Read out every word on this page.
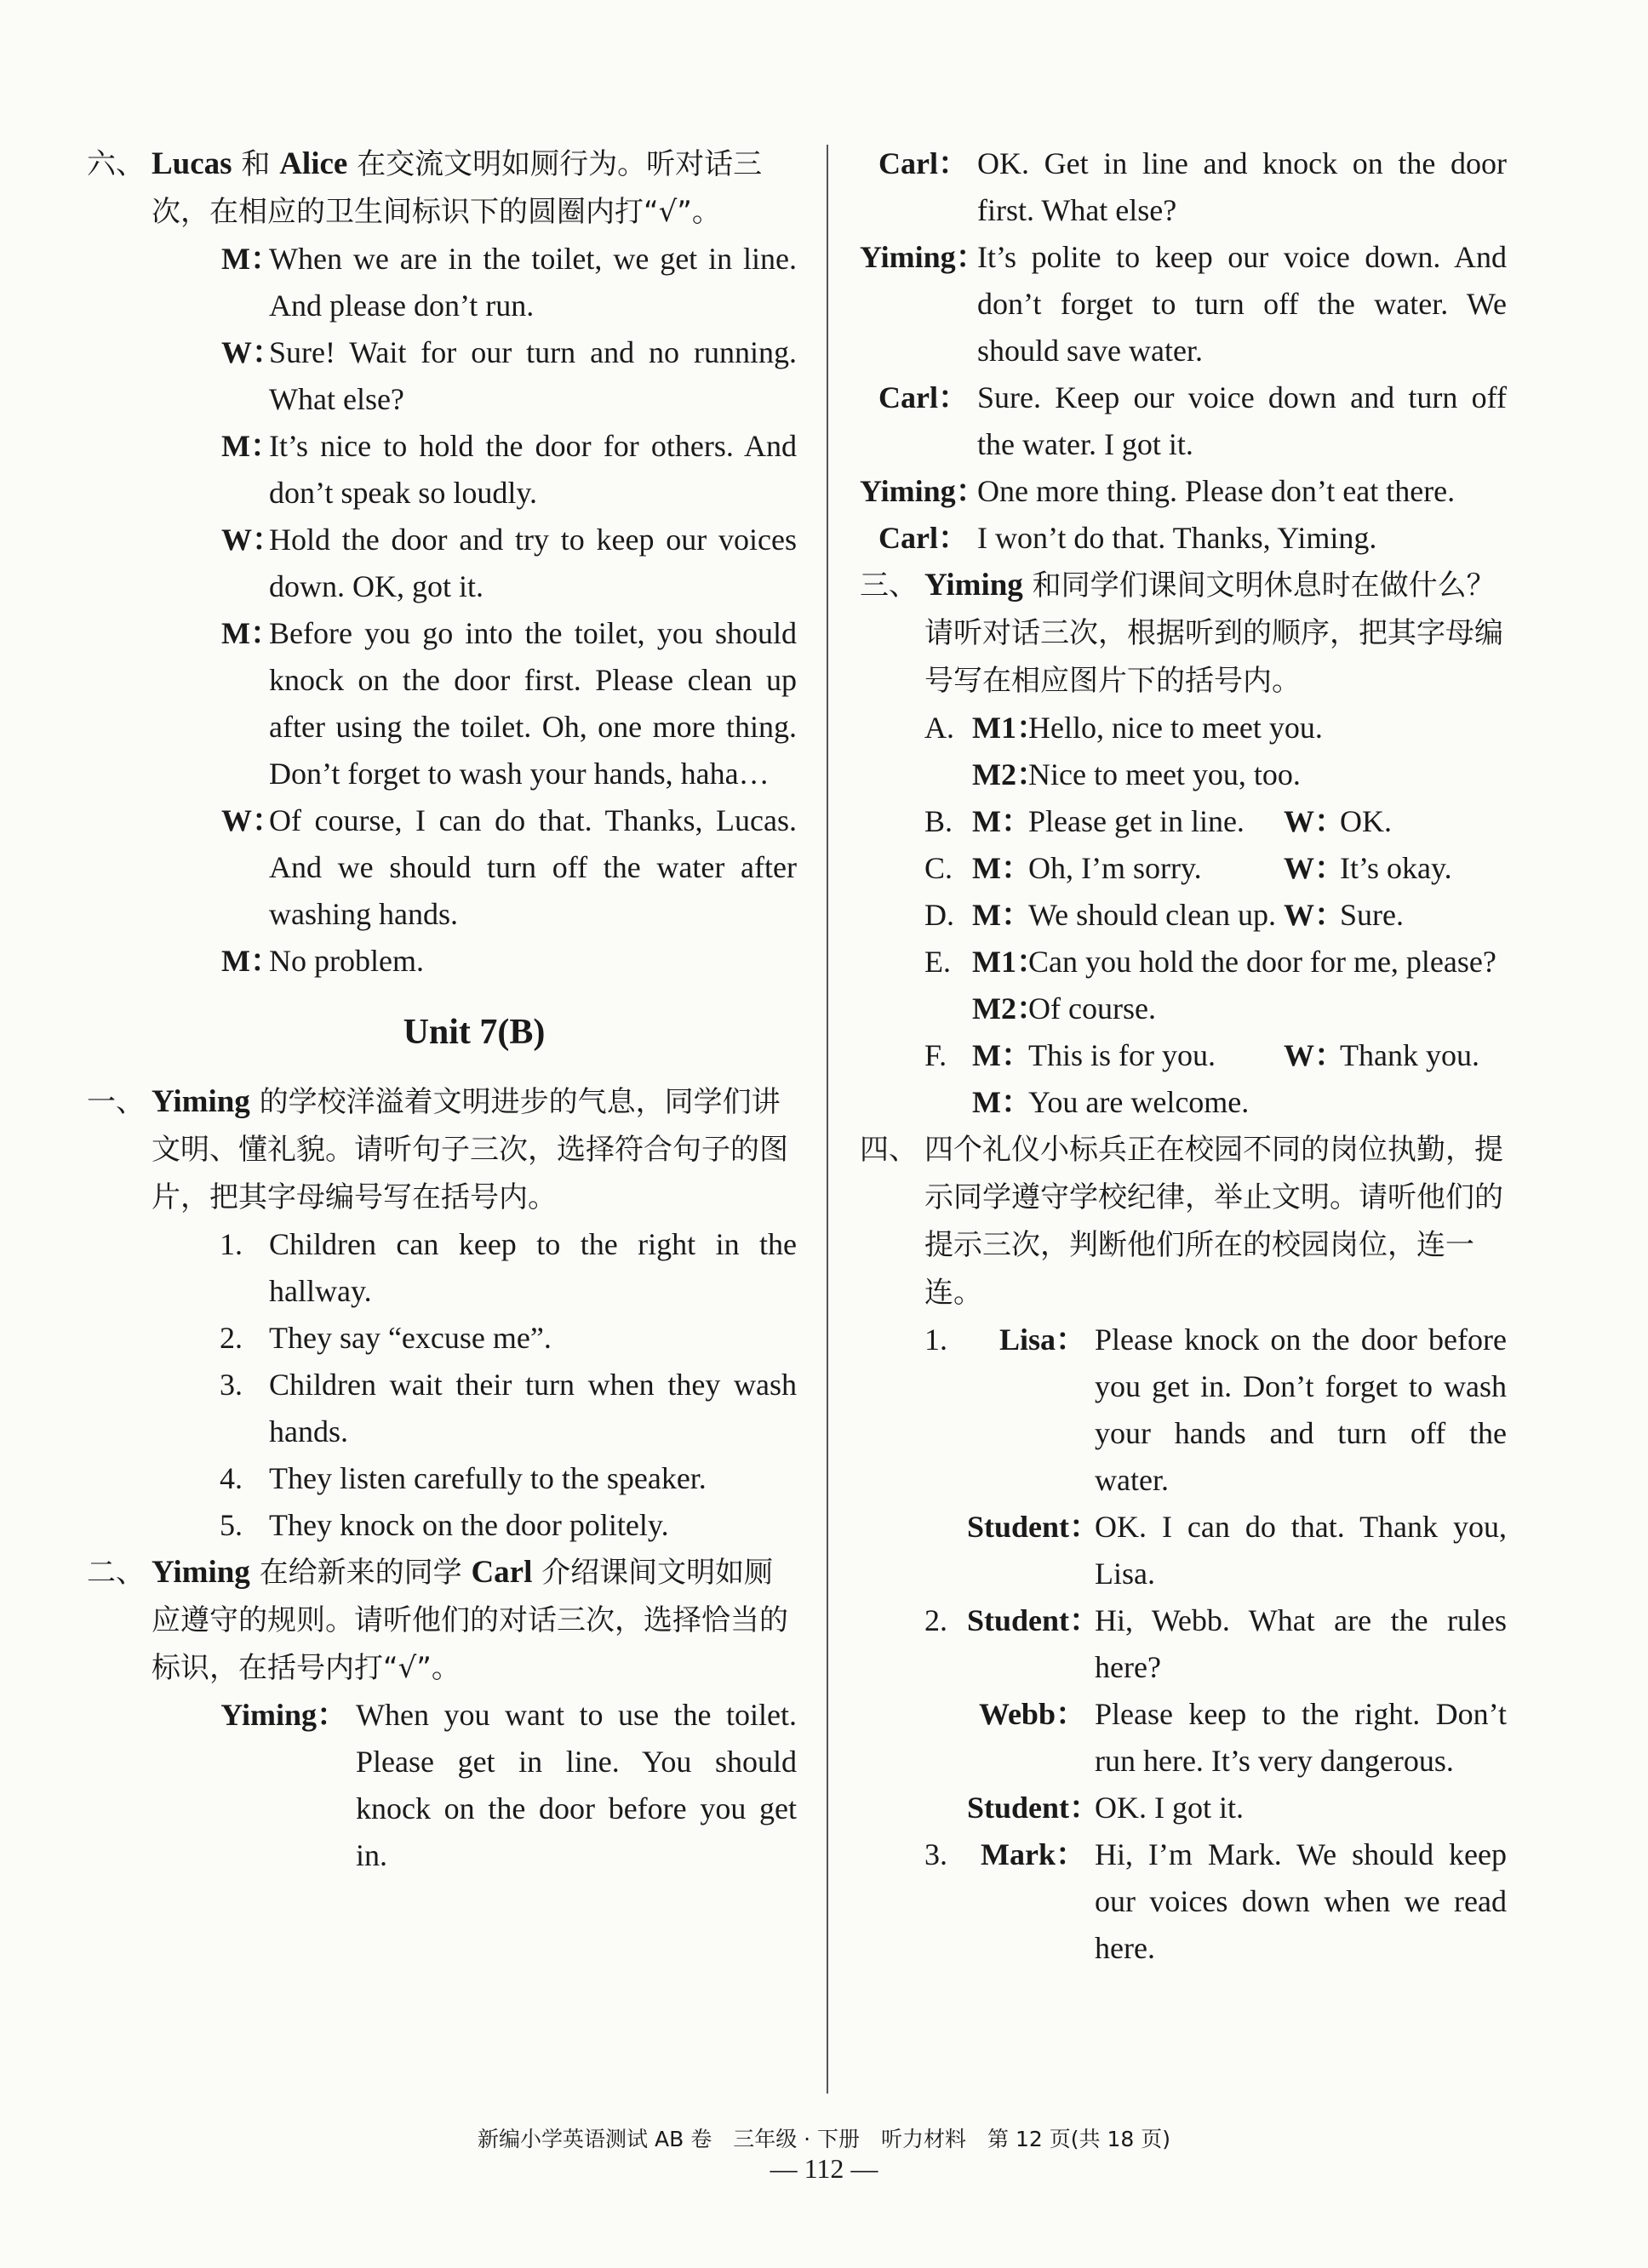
六、 Lucas 和 Alice 在交流文明如厕行为。听对话三次，在相应的卫生间标识下的圆圈内打“√”。
M ： When we are in the toilet, we get in line. And please don’t run.
W ： Sure! Wait for our turn and no running. What else?
M ： It’s nice to hold the door for others. And don’t speak so loudly.
W ： Hold the door and try to keep our voices down. OK, got it.
M ： Before you go into the toilet, you should knock on the door first. Please clean up after using the toilet. Oh, one more thing. Don’t forget to wash your hands, haha…
W ： Of course, I can do that. Thanks, Lucas. And we should turn off the water after washing hands.
M ： No problem.
Unit 7(B)
一、 Yiming 的学校洋溢着文明进步的气息，同学们讲文明、懂礼貌。请听句子三次，选择符合句子的图片，把其字母编号写在括号内。
1. Children can keep to the right in the hallway.
2. They say “excuse me”.
3. Children wait their turn when they wash hands.
4. They listen carefully to the speaker.
5. They knock on the door politely.
二、 Yiming 在给新来的同学 Carl 介绍课间文明如厕应遵守的规则。请听他们的对话三次，选择恰当的标识，在括号内打“√”。
Yiming ：	When you want to use the toilet. Please get in line. You should knock on the door before you get in.
Carl ：	OK. Get in line and knock on the door first. What else?
Yiming ： It’s polite to keep our voice down. And don’t forget to turn off the water. We should save water.
Carl ：	Sure. Keep our voice down and turn off the water. I got it.
Yiming ： One more thing. Please don’t eat there.
Carl ：	I won’t do that. Thanks, Yiming.
三、 Yiming 和同学们课间文明休息时在做什么？请听对话三次，根据听到的顺序，把其字母编号写在相应图片下的括号内。
A. M1 ： Hello, nice to meet you.
M2 ： Nice to meet you, too.
B. M ： Please get in line.	W ： OK.
C. M ： Oh, I’m sorry.	W ： It’s okay.
D. M ： We should clean up. W ： Sure.
E. M1 ： Can you hold the door for me, please?
M2 ： Of course.
F. M ： This is for you.	W ： Thank you.
M ： You are welcome.
四、 四个礼仪小标兵正在校园不同的岗位执勤，提示同学遵守学校纪律，举止文明。请听他们的提示三次，判断他们所在的校园岗位，连一连。
1.	Lisa ：	Please knock on the door before you get in. Don’t forget to wash your hands and turn off the water.
Student ： OK. I can do that. Thank you, Lisa.
2. Student ： Hi, Webb. What are the rules here?
Webb ：	Please keep to the right. Don’t run here. It’s very dangerous.
Student ： OK. I got it.
3.	Mark ：	Hi, I’m Mark. We should keep our voices down when we read here.
新编小学英语测试 AB 卷　三年级 · 下册　听力材料　第 12 页(共 18 页)
— 112 —
